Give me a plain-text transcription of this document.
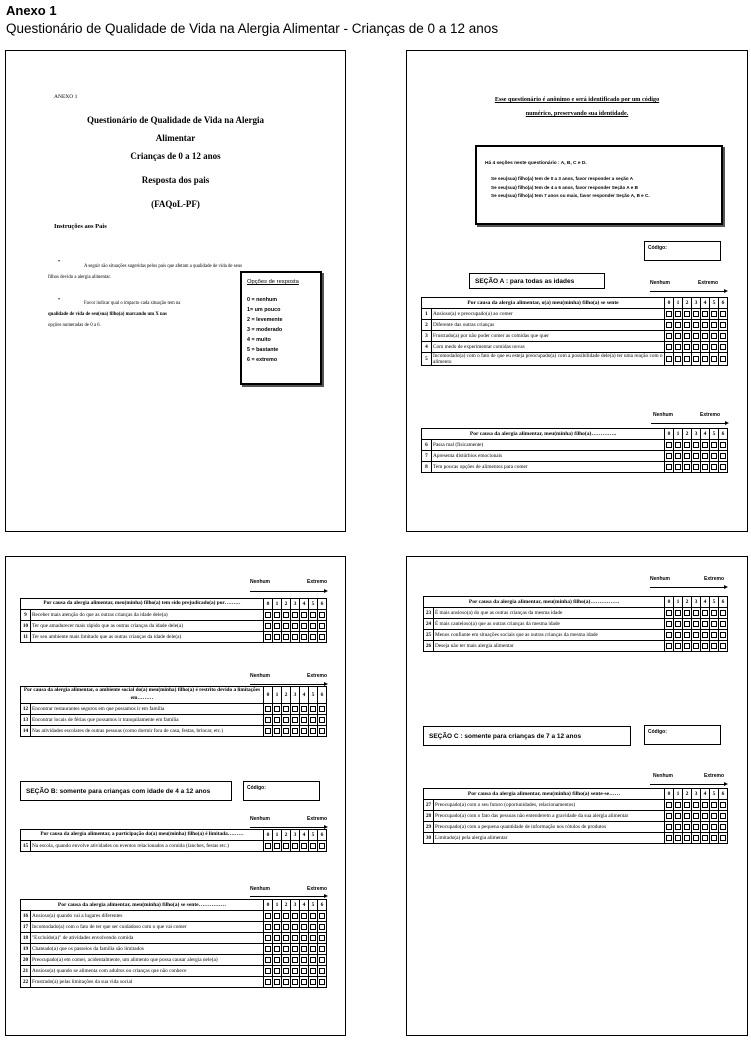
Anexo 1
Questionário de Qualidade de Vida na Alergia Alimentar - Crianças de 0 a 12 anos
ANEXO 1
Questionário de Qualidade de Vida na Alergia
Alimentar
Crianças de 0 a 12 anos
Resposta dos pais
(FAQoL-PF)
Instruções aos Pais
•
A seguir são situações sugeridas pelos pais que afetam a qualidade de vida de seus
filhos devido a alergia alimentar.
•
Favor indicar qual o impacto cada situação tem na
qualidade de vida de seu(sua) filho(a) marcando um X nas
opções numeradas de 0 a 6.
Opções de resposta
0 = nenhum
1= um pouco
2 = levemente
3 = moderado
4 = muito
5 = bastante
6 = extremo
Esse questionário é anônimo e será identificado por um código
numérico, preservando sua identidade.
Há 4 seções neste questionário : A, B, C e D.
Se seu(sua) filho(a) tem de 0 a 3 anos, favor responder a seção A
Se seu(sua) filho(a) tem de 4 a 6 anos, favor responder Seção A e B
Se seu(sua) filho(a) tem 7 anos ou mais, favor responder Seção A, B e C.
Código:
SEÇÃO A : para todas as idades	Nenhum	Extremo
Por causa da alergia alimentar, o(a) meu(minha) filho(a) se sente		0	1	2	3	4	5	6
1	Ansioso(a) e preocupado(a) ao comer							
2	Diferente das outras crianças							
3	Frustrado(a) por não poder comer as comidas que quer							
4	Com medo de experimentar comidas novas							
5	Incomodado(a) com o fato de que eu esteja preocupado(a) com a possibilidade dele(a) ter uma reação com o alimento							
Nenhum	Extremo
Por causa da alergia alimentar, meu(minha) filho(a)…………..		0	1	2	3	4	5	6
6	Passa mal (fisicamente)							
7	Apresenta distúrbios emocionais							
8	Tem poucas opções de alimentos para comer							
Nenhum	Extremo
Por causa da alergia alimentar, meu(minha) filho(a) tem sido prejudicado(a) por………		0	1	2	3	4	5	6
9	Receber mais atenção do que as outras crianças da idade dele(a)							
10	Ter que amadurecer mais rápido que as outras crianças da idade dele(a)							
11	Ter seu ambiente mais limitado que as outras crianças da idade dele(a)							
Nenhum	Extremo
Por causa da alergia alimentar, o ambiente social do(a) meu(minha) filho(a) é restrito devido a limitações em………		0	1	2	3	4	5	6
12	Encontrar restaurantes seguros em que possamos ir em família							
13	Encontrar locais de férias que possamos ir tranquilamente em família							
14	Nas atividades escolares de outras pessoas (como dormir fora de casa, festas, brincar, etc.)							
SEÇÃO B: somente para crianças com idade de 4 a 12 anos	Código:
Nenhum	Extremo
Por causa da alergia alimentar, a participação do(a) meu(minha) filho(a) é limitada………		0	1	2	3	4	5	6
15	Na escola, quando envolve atividades ou eventos relacionados a comida (lanches, festas etc.)							
Nenhum	Extremo
Por causa da alergia alimentar, meu(minha) filho(a) se sente……………		0	1	2	3	4	5	6
16	Ansioso(a) quando vai a lugares diferentes							
17	Incomodado(a) com o fato de ter que ser cuidadoso com o que vai comer							
18	"Excluído(a)" de atividades envolvendo comida							
19	Chateado(a) que os passeios da família são limitados							
20	Preocupado(a) em comer, acidentalmente, um alimento que possa causar alergia nele(a)							
21	Ansioso(a) quando se alimenta com adultos ou crianças que não conhece							
22	Frustrado(a) pelas limitações da sua vida social							
Nenhum	Extremo
Por causa da alergia alimentar, meu(minha) filho(a)…………….		0	1	2	3	4	5	6
23	É mais ansioso(a) do que as outras crianças da mesma idade							
24	É mais cauteloso(a) que as outras crianças da mesma idade							
25	Menos confiante em situações sociais que as outras crianças da mesma idade							
26	Deseja não ter mais alergia alimentar							
SEÇÃO C : somente para crianças de 7 a 12 anos
Código:
Nenhum	Extremo
Por causa da alergia alimentar, meu(minha) filho(a) sente-se……		0	1	2	3	4	5	6
27	Preocupado(a) com o seu futuro (oportunidades, relacionamentos)							
28	Preocupado(a) com o fato das pessoas não entenderem a gravidade da sua alergia alimentar							
29	Preocupado(a) com a pequena quantidade de informação nos rótulos de produtos							
30	Limitado(a) pela alergia alimentar							
